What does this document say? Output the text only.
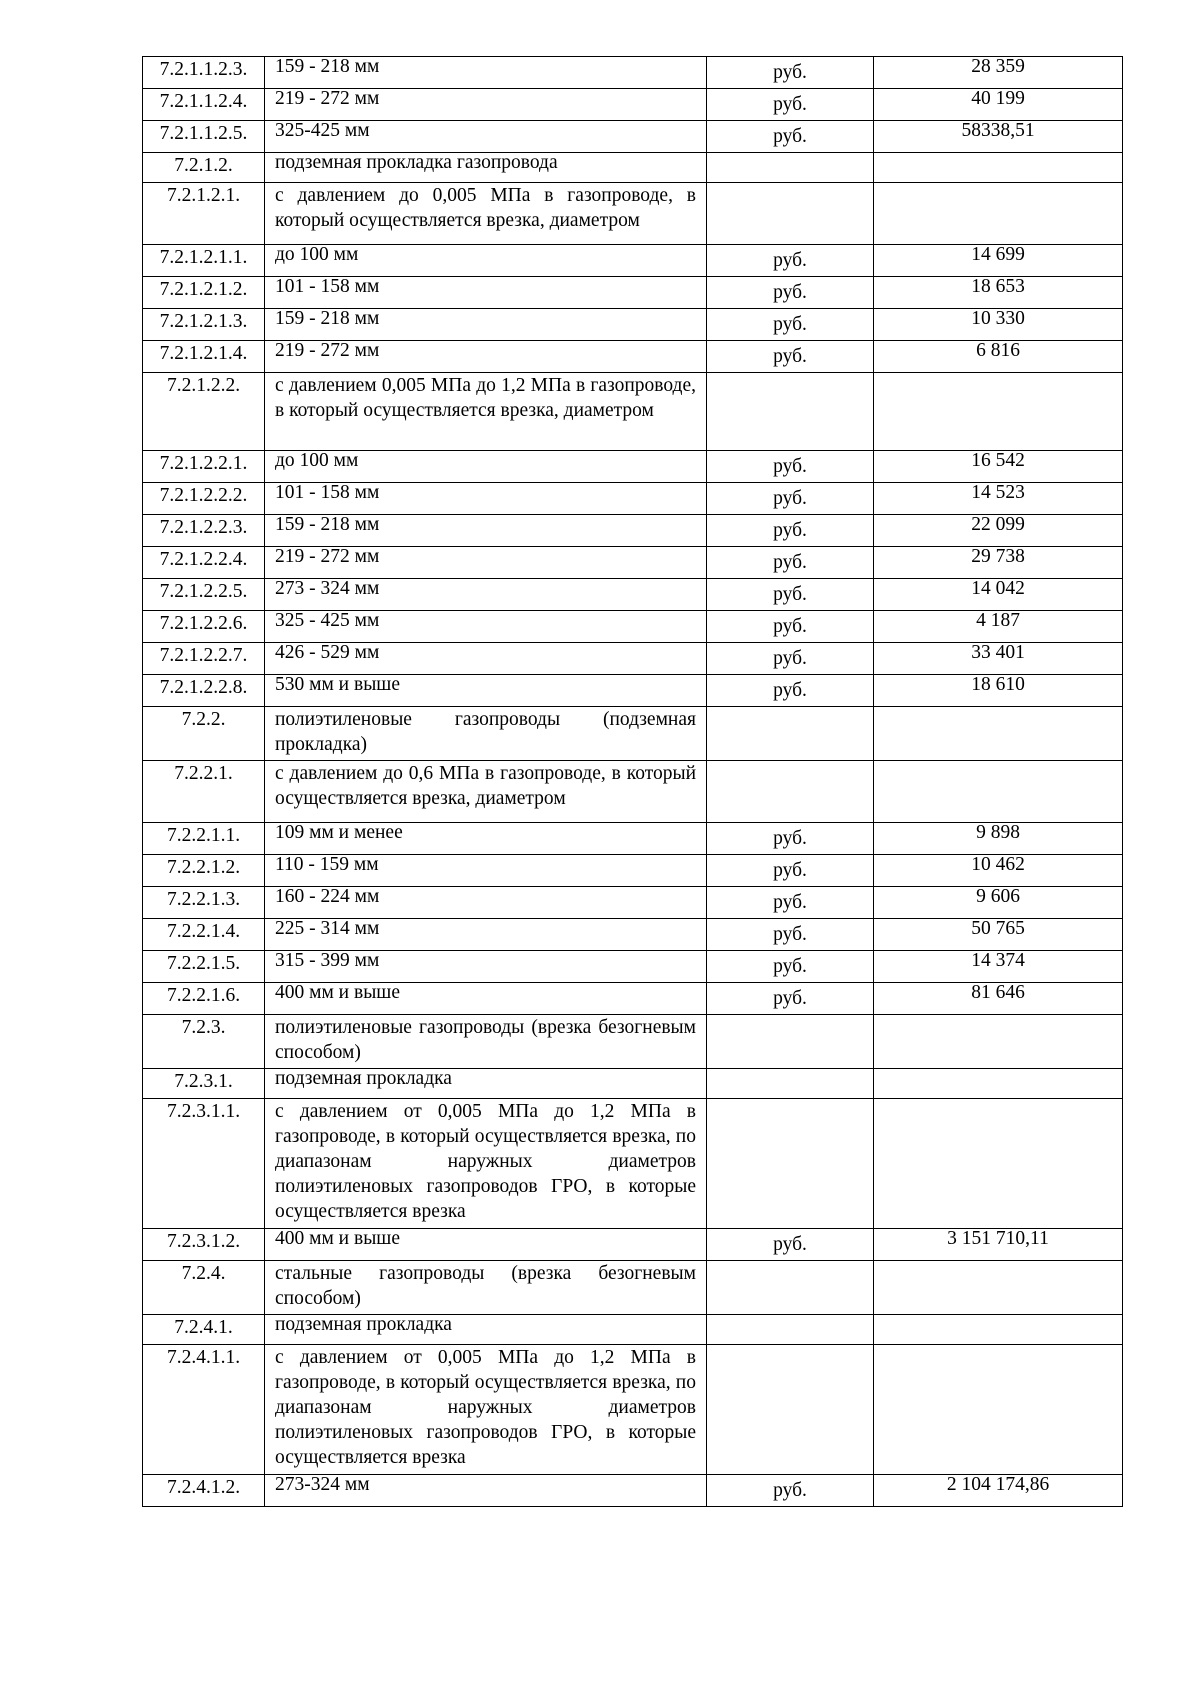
7.2.1.1.2.3.	159 - 218 мм	руб.	28 359

7.2.1.1.2.4.	219 - 272 мм	руб.	40 199

7.2.1.1.2.5.	325-425 мм	руб.	58338,51

7.2.1.2.	подземная прокладка газопровода		

7.2.1.2.1.	с давлением до 0,005 МПа в газопроводе, в который осуществляется врезка, диаметром		

7.2.1.2.1.1.	до 100 мм	руб.	14 699

7.2.1.2.1.2.	101 - 158 мм	руб.	18 653

7.2.1.2.1.3.	159 - 218 мм	руб.	10 330

7.2.1.2.1.4.	219 - 272 мм	руб.	6 816

7.2.1.2.2.	с давлением 0,005 МПа до 1,2 МПа в газопроводе, в который осуществляется врезка, диаметром		

7.2.1.2.2.1.	до 100 мм	руб.	16 542

7.2.1.2.2.2.	101 - 158 мм	руб.	14 523

7.2.1.2.2.3.	159 - 218 мм	руб.	22 099

7.2.1.2.2.4.	219 - 272 мм	руб.	29 738

7.2.1.2.2.5.	273 - 324 мм	руб.	14 042

7.2.1.2.2.6.	325 - 425 мм	руб.	4 187

7.2.1.2.2.7.	426 - 529 мм	руб.	33 401

7.2.1.2.2.8.	530 мм и выше	руб.	18 610

7.2.2.	полиэтиленовые газопроводы (подземная прокладка)		

7.2.2.1.	с давлением до 0,6 МПа в газопроводе, в который осуществляется врезка, диаметром		

7.2.2.1.1.	109 мм и менее	руб.	9 898

7.2.2.1.2.	110 - 159 мм	руб.	10 462

7.2.2.1.3.	160 - 224 мм	руб.	9 606

7.2.2.1.4.	225 - 314 мм	руб.	50 765

7.2.2.1.5.	315 - 399 мм	руб.	14 374

7.2.2.1.6.	400 мм и выше	руб.	81 646

7.2.3.	полиэтиленовые газопроводы (врезка безогневым способом)		

7.2.3.1.	подземная прокладка		

7.2.3.1.1.	с давлением от 0,005 МПа до 1,2 МПа в газопроводе, в который осуществляется врезка, по диапазонам наружных диаметров полиэтиленовых газопроводов ГРО, в которые осуществляется врезка		

7.2.3.1.2.	400 мм и выше	руб.	3 151 710,11

7.2.4.	стальные газопроводы (врезка безогневым способом)		

7.2.4.1.	подземная прокладка		

7.2.4.1.1.	с давлением от 0,005 МПа до 1,2 МПа в газопроводе, в который осуществляется врезка, по диапазонам наружных диаметров полиэтиленовых газопроводов ГРО, в которые осуществляется врезка		

7.2.4.1.2.	273-324 мм	руб.	2 104 174,86
